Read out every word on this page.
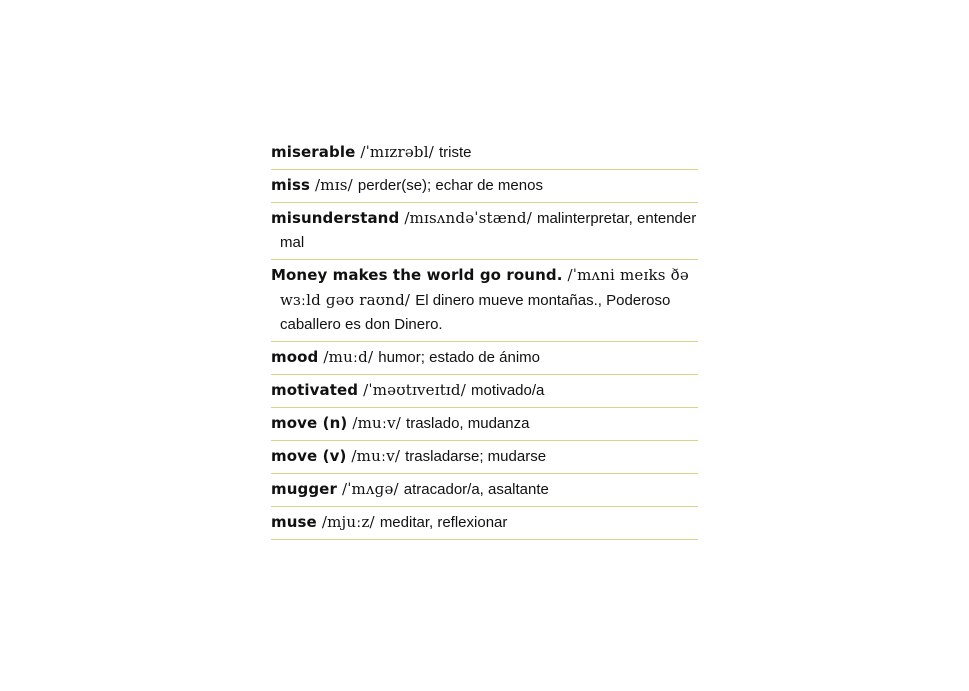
miserable /ˈmɪzrəbl/ triste
miss /mɪs/ perder(se); echar de menos
misunderstand /mɪsʌndəˈstænd/ malinterpretar, entender mal
Money makes the world go round. /ˈmʌni meɪks ðə wɜːld ɡəʊ raʊnd/ El dinero mueve montañas., Poderoso caballero es don Dinero.
mood /muːd/ humor; estado de ánimo
motivated /ˈməʊtɪveɪtɪd/ motivado/a
move (n) /muːv/ traslado, mudanza
move (v) /muːv/ trasladarse; mudarse
mugger /ˈmʌɡə/ atracador/a, asaltante
muse /mjuːz/ meditar, reflexionar
